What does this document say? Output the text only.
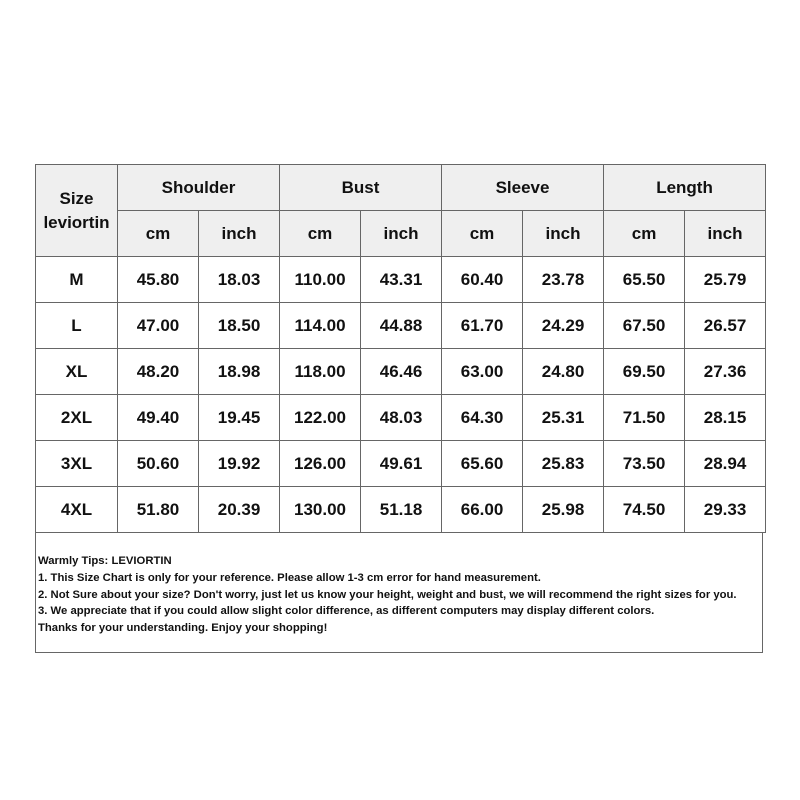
Size
leviortin	Shoulder		Bust		Sleeve		Length	
	cm	inch	cm	inch	cm	inch	cm	inch
M	45.80	18.03	110.00	43.31	60.40	23.78	65.50	25.79
L	47.00	18.50	114.00	44.88	61.70	24.29	67.50	26.57
XL	48.20	18.98	118.00	46.46	63.00	24.80	69.50	27.36
2XL	49.40	19.45	122.00	48.03	64.30	25.31	71.50	28.15
3XL	50.60	19.92	126.00	49.61	65.60	25.83	73.50	28.94
4XL	51.80	20.39	130.00	51.18	66.00	25.98	74.50	29.33
Warmly Tips: LEVIORTIN
1. This Size Chart is only for your reference. Please allow 1-3 cm error for hand measurement.
2. Not Sure about your size? Don't worry, just let us know your height, weight and bust, we will recommend the right sizes for you.
3. We appreciate that if you could allow slight color difference, as different computers may display different colors.
Thanks for your understanding. Enjoy your shopping!
